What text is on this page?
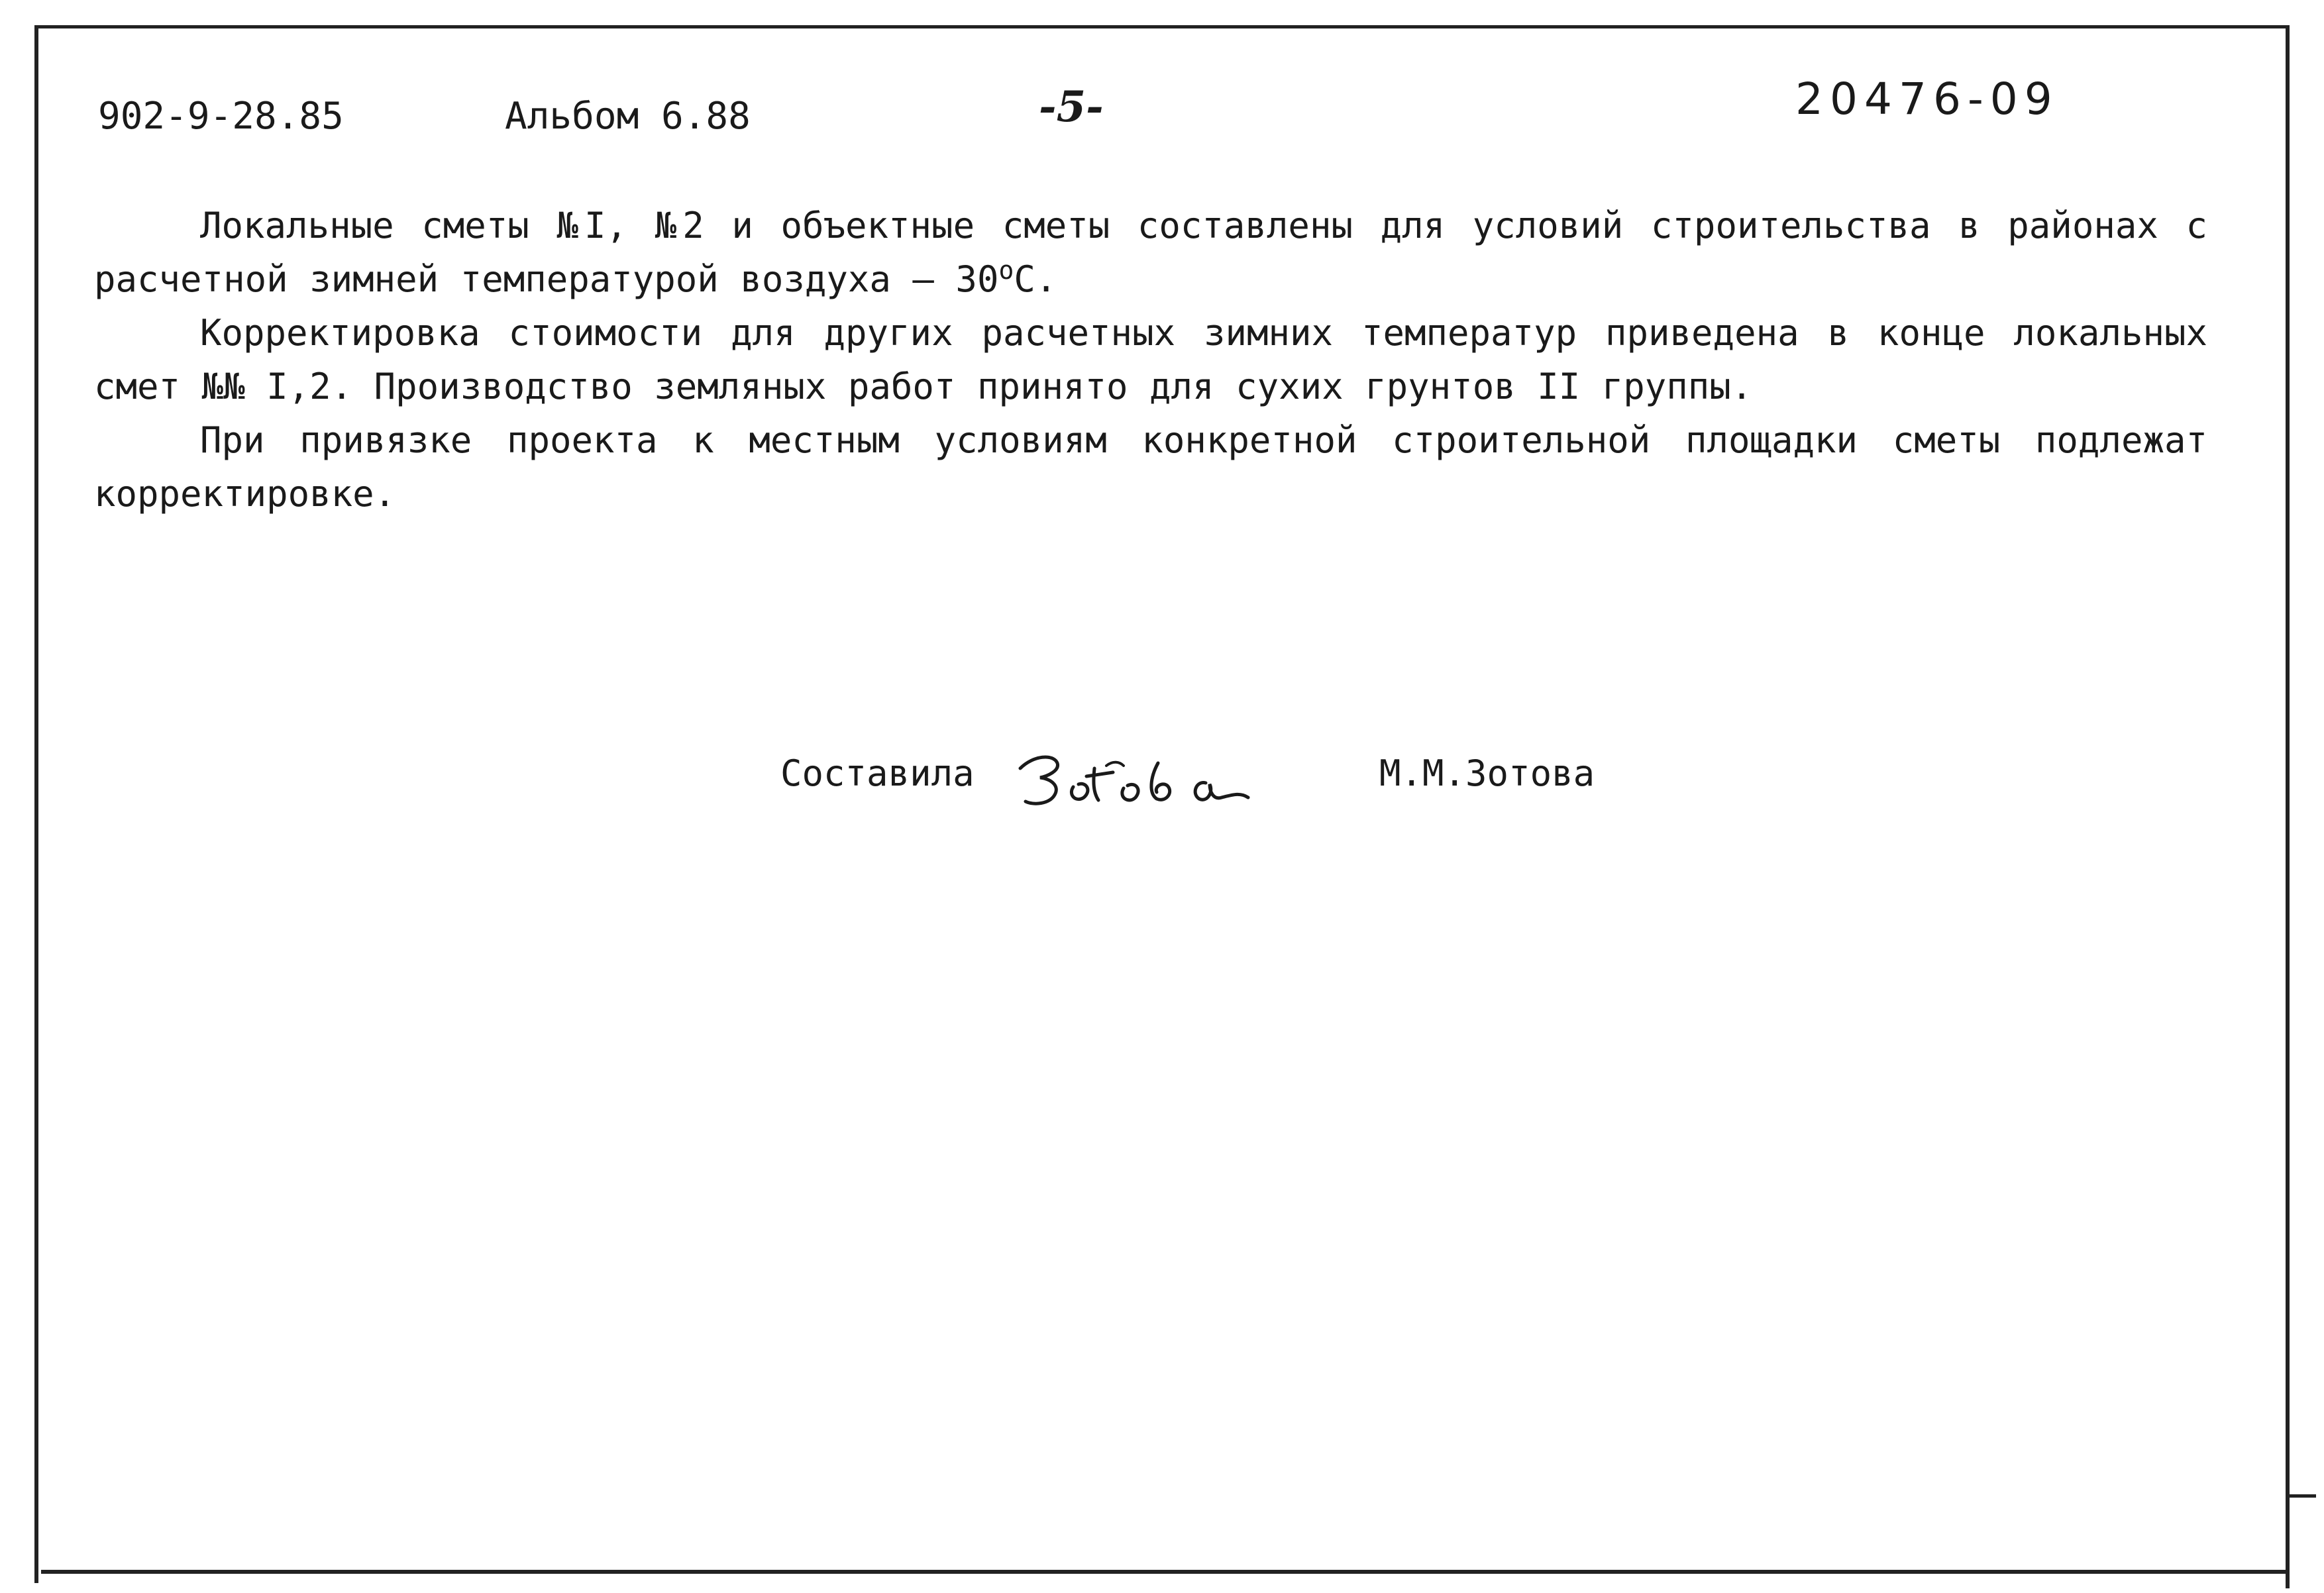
902-9-28.85	Альбом 6.88	-5-	20476-09

Локальные сметы №I, №2 и объектные сметы составлены для условий строительства в районах с расчетной зимней температурой воздуха – $30^оС$.

Корректировка стоимости для других расчетных зимних температур приведена в конце локальных смет №№ I,2. Производство земляных работ принято для сухих грунтов II группы.

При привязке проекта к местным условиям конкретной строительной площадки сметы подлежат корректировке.

Составила	М.М.Зотова
